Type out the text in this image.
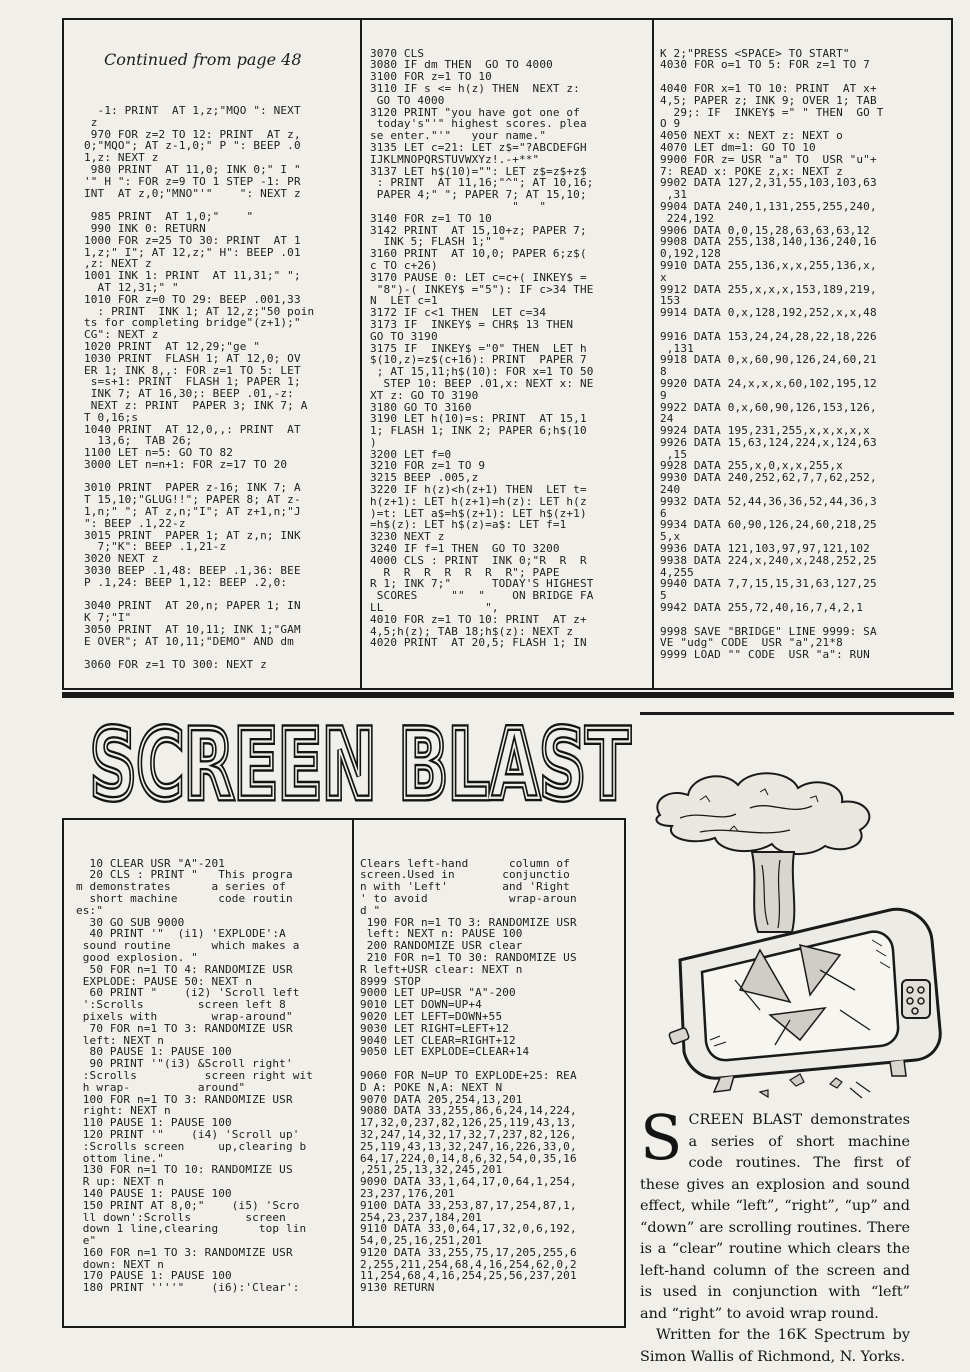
Continued from page 48

-1: PRINT  AT 1,z;"MQO ": NEXT
z
970 FOR z=2 TO 12: PRINT  AT z,
0;"MQO"; AT z-1,0;" P ": BEEP .0
1,z: NEXT z
980 PRINT  AT 11,0; INK 0;" I "
'" H ": FOR z=9 TO 1 STEP -1: PR
INT  AT z,0;"MNO"'"    ": NEXT z
985 PRINT  AT 1,0;"    "
990 INK 0: RETURN
1000 FOR z=25 TO 30: PRINT  AT 1
1,z;" I"; AT 12,z;" H": BEEP .01
,z: NEXT z
1001 INK 1: PRINT  AT 11,31;" ";
AT 12,31;" "
1010 FOR z=0 TO 29: BEEP .001,33
: PRINT  INK 1; AT 12,z;"50 poin
ts for completing bridge"(z+1);"
CG": NEXT z
1020 PRINT  AT 12,29;"ge "
1030 PRINT  FLASH 1; AT 12,0; OV
ER 1; INK 8,,: FOR z=1 TO 5: LET
s=s+1: PRINT  FLASH 1; PAPER 1;
INK 7; AT 16,30;: BEEP .01,-z:
NEXT z: PRINT  PAPER 3; INK 7; A
T 0,16;s
1040 PRINT  AT 12,0,,: PRINT  AT
13,6;  TAB 26;
1100 LET n=5: GO TO 82
3000 LET n=n+1: FOR z=17 TO 20
3010 PRINT  PAPER z-16; INK 7; A
T 15,10;"GLUG!!"; PAPER 8; AT z-
1,n;" "; AT z,n;"I"; AT z+1,n;"J
": BEEP .1,22-z
3015 PRINT  PAPER 1; AT z,n; INK
7;"K": BEEP .1,21-z
3020 NEXT z
3030 BEEP .1,48: BEEP .1,36: BEE
P .1,24: BEEP 1,12: BEEP .2,0:
3040 PRINT  AT 20,n; PAPER 1; IN
K 7;"I"
3050 PRINT  AT 10,11; INK 1;"GAM
E OVER"; AT 10,11;"DEMO" AND dm
3060 FOR z=1 TO 300: NEXT z

3070 CLS
3080 IF dm THEN  GO TO 4000
3100 FOR z=1 TO 10
3110 IF s <= h(z) THEN  NEXT z:
GO TO 4000
3120 PRINT "you have got one of
today's"'" highest scores. plea
se enter."'"   your name."
3135 LET c=21: LET z$="?ABCDEFGH
IJKLMNOPQRSTUVWXYz!.-+**"
3137 LET h$(10)="": LET z$=z$+z$
: PRINT  AT 11,16;"^"; AT 10,16;
PAPER 4;" "; PAPER 7; AT 15,10;
"   "
3140 FOR z=1 TO 10
3142 PRINT  AT 15,10+z; PAPER 7;
INK 5; FLASH 1;" "
3160 PRINT  AT 10,0; PAPER 6;z$(
c TO c+26)
3170 PAUSE 0: LET c=c+( INKEY$ =
"8")-( INKEY$ ="5"): IF c>34 THE
N  LET c=1
3172 IF c<1 THEN  LET c=34
3173 IF  INKEY$ = CHR$ 13 THEN
GO TO 3190
3175 IF  INKEY$ ="0" THEN  LET h
$(10,z)=z$(c+16): PRINT  PAPER 7
; AT 15,11;h$(10): FOR x=1 TO 50
STEP 10: BEEP .01,x: NEXT x: NE
XT z: GO TO 3190
3180 GO TO 3160
3190 LET h(10)=s: PRINT  AT 15,1
1; FLASH 1; INK 2; PAPER 6;h$(10
)
3200 LET f=0
3210 FOR z=1 TO 9
3215 BEEP .005,z
3220 IF h(z)<h(z+1) THEN  LET t=
h(z+1): LET h(z+1)=h(z): LET h(z
)=t: LET a$=h$(z+1): LET h$(z+1)
=h$(z): LET h$(z)=a$: LET f=1
3230 NEXT z
3240 IF f=1 THEN  GO TO 3200
4000 CLS : PRINT  INK 0;"R  R  R
R  R  R  R  R  R  R"; PAPE
R 1; INK 7;"      TODAY'S HIGHEST
SCORES     ""  "    ON BRIDGE FA
LL               ",
4010 FOR z=1 TO 10: PRINT  AT z+
4,5;h(z); TAB 18;h$(z): NEXT z
4020 PRINT  AT 20,5; FLASH 1; IN

K 2;"PRESS <SPACE> TO START"
4030 FOR o=1 TO 5: FOR z=1 TO 7
4040 FOR x=1 TO 10: PRINT  AT x+
4,5; PAPER z; INK 9; OVER 1; TAB
29;: IF  INKEY$ =" " THEN  GO T
O 9
4050 NEXT x: NEXT z: NEXT o
4070 LET dm=1: GO TO 10
9900 FOR z= USR "a" TO  USR "u"+
7: READ x: POKE z,x: NEXT z
9902 DATA 127,2,31,55,103,103,63
,31
9904 DATA 240,1,131,255,255,240,
224,192
9906 DATA 0,0,15,28,63,63,63,12
9908 DATA 255,138,140,136,240,16
0,192,128
9910 DATA 255,136,x,x,255,136,x,
x
9912 DATA 255,x,x,x,153,189,219,
153
9914 DATA 0,x,128,192,252,x,x,48
9916 DATA 153,24,24,28,22,18,226
,131
9918 DATA 0,x,60,90,126,24,60,21
8
9920 DATA 24,x,x,x,60,102,195,12
9
9922 DATA 0,x,60,90,126,153,126,
24
9924 DATA 195,231,255,x,x,x,x,x
9926 DATA 15,63,124,224,x,124,63
,15
9928 DATA 255,x,0,x,x,255,x
9930 DATA 240,252,62,7,7,62,252,
240
9932 DATA 52,44,36,36,52,44,36,3
6
9934 DATA 60,90,126,24,60,218,25
5,x
9936 DATA 121,103,97,97,121,102
9938 DATA 224,x,240,x,248,252,25
4,255
9940 DATA 7,7,15,15,31,63,127,25
5
9942 DATA 255,72,40,16,7,4,2,1
9998 SAVE "BRIDGE" LINE 9999: SA
VE "udg" CODE  USR "a",21*8
9999 LOAD "" CODE  USR "a": RUN

SCREEN BLAST
SCREEN BLAST

10 CLEAR USR "A"-201
20 CLS : PRINT "   This progra
m demonstrates      a series of
short machine      code routin
es:"
30 GO SUB 9000
40 PRINT '"  (i1) 'EXPLODE':A
sound routine      which makes a
good explosion. "
50 FOR n=1 TO 4: RANDOMIZE USR
EXPLODE: PAUSE 50: NEXT n
60 PRINT "    (i2) 'Scroll left
':Scrolls        screen left 8
pixels with        wrap-around"
70 FOR n=1 TO 3: RANDOMIZE USR
left: NEXT n
80 PAUSE 1: PAUSE 100
90 PRINT '"(i3) &Scroll right'
:Scrolls          screen right wit
h wrap-          around"
100 FOR n=1 TO 3: RANDOMIZE USR
right: NEXT n
110 PAUSE 1: PAUSE 100
120 PRINT '"    (i4) 'Scroll up'
:Scrolls screen     up,clearing b
ottom line."
130 FOR n=1 TO 10: RANDOMIZE US
R up: NEXT n
140 PAUSE 1: PAUSE 100
150 PRINT AT 8,0;"    (i5) 'Scro
ll down':Scrolls        screen
down 1 line,clearing      top lin
e"
160 FOR n=1 TO 3: RANDOMIZE USR
down: NEXT n
170 PAUSE 1: PAUSE 100
180 PRINT ''''"    (i6):'Clear':

Clears left-hand      column of
screen.Used in       conjunctio
n with 'Left'        and 'Right
' to avoid            wrap-aroun
d "
190 FOR n=1 TO 3: RANDOMIZE USR
left: NEXT n: PAUSE 100
200 RANDOMIZE USR clear
210 FOR n=1 TO 30: RANDOMIZE US
R left+USR clear: NEXT n
8999 STOP
9000 LET UP=USR "A"-200
9010 LET DOWN=UP+4
9020 LET LEFT=DOWN+55
9030 LET RIGHT=LEFT+12
9040 LET CLEAR=RIGHT+12
9050 LET EXPLODE=CLEAR+14
9060 FOR N=UP TO EXPLODE+25: REA
D A: POKE N,A: NEXT N
9070 DATA 205,254,13,201
9080 DATA 33,255,86,6,24,14,224,
17,32,0,237,82,126,25,119,43,13,
32,247,14,32,17,32,7,237,82,126,
25,119,43,13,32,247,16,226,33,0,
64,17,224,0,14,8,6,32,54,0,35,16
,251,25,13,32,245,201
9090 DATA 33,1,64,17,0,64,1,254,
23,237,176,201
9100 DATA 33,253,87,17,254,87,1,
254,23,237,184,201
9110 DATA 33,0,64,17,32,0,6,192,
54,0,25,16,251,201
9120 DATA 33,255,75,17,205,255,6
2,255,211,254,68,4,16,254,62,0,2
11,254,68,4,16,254,25,56,237,201
9130 RETURN

SCREEN BLAST demonstrates a series of short machine code routines. The first of these gives an explosion and sound effect, while “left”, “right”, “up” and “down” are scrolling routines. There is a “clear” routine which clears the left-hand column of the screen and is used in conjunction with “left” and “right” to avoid wrap round.

Written for the 16K Spectrum by Simon Wallis of Richmond, N. Yorks.
